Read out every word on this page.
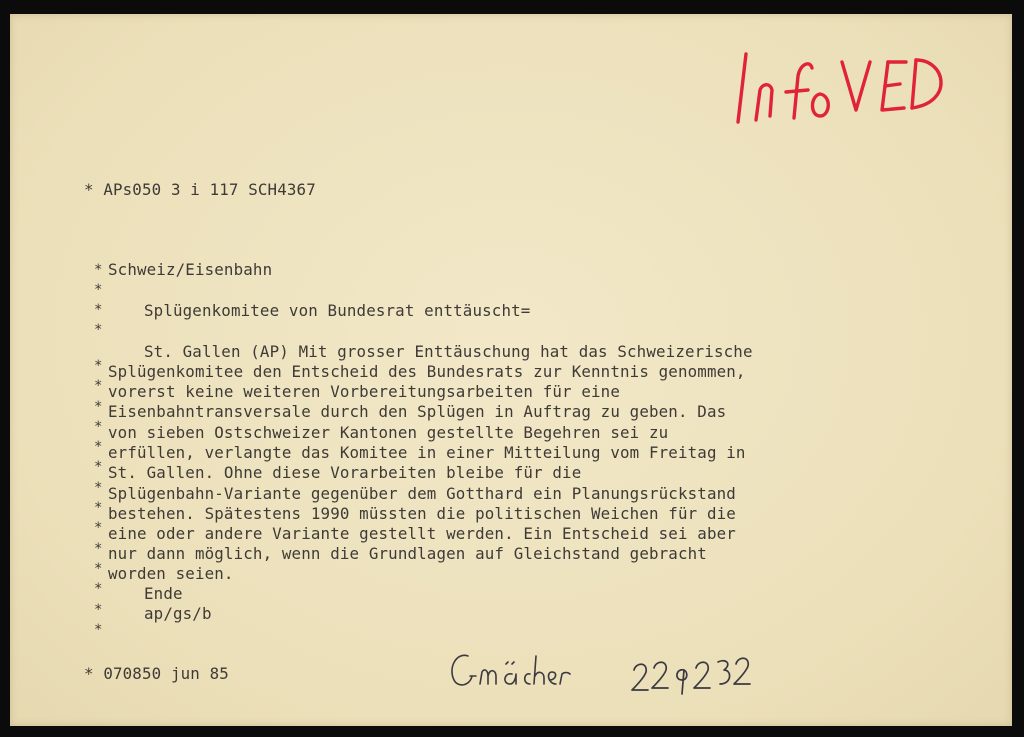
* APs050 3 i 117 SCH4367
* Schweiz/Eisenbahn
*
*	Splügenkomitee von Bundesrat enttäuscht=
*
*
*
*
*
*
*
*
*
*
*
*
*
*
*
St. Gallen (AP) Mit grosser Enttäuschung hat das Schweizerische
Splügenkomitee den Entscheid des Bundesrats zur Kenntnis genommen,
vorerst keine weiteren Vorbereitungsarbeiten für eine
Eisenbahntransversale durch den Splügen in Auftrag zu geben. Das
von sieben Ostschweizer Kantonen gestellte Begehren sei zu
erfüllen, verlangte das Komitee in einer Mitteilung vom Freitag in
St. Gallen. Ohne diese Vorarbeiten bleibe für die
Splügenbahn-Variante gegenüber dem Gotthard ein Planungsrückstand
bestehen. Spätestens 1990 müssten die politischen Weichen für die
eine oder andere Variante gestellt werden. Ein Entscheid sei aber
nur dann möglich, wenn die Grundlagen auf Gleichstand gebracht
worden seien.
Ende
ap/gs/b
* 070850 jun 85
